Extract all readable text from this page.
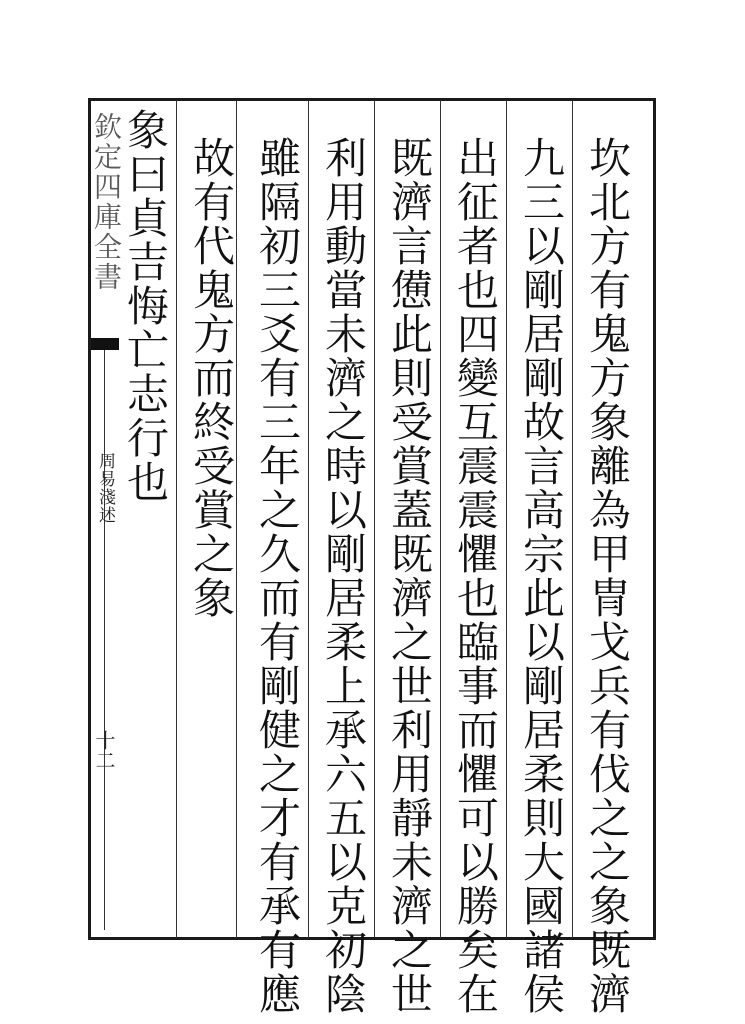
欽定四庫全書
周易淺述
十二	坎北方有鬼方象離為甲冑戈兵有伐之之象既濟
九三以剛居剛故言高宗此以剛居柔則大國諸侯
出征者也四變互震震懼也臨事而懼可以勝矣在
既濟言憊此則受賞蓋既濟之世利用靜未濟之世
利用動當未濟之時以剛居柔上承六五以克初陰
雖隔初三爻有三年之久而有剛健之才有承有應
故有代鬼方而終受賞之象
象曰貞吉悔亡志行也
